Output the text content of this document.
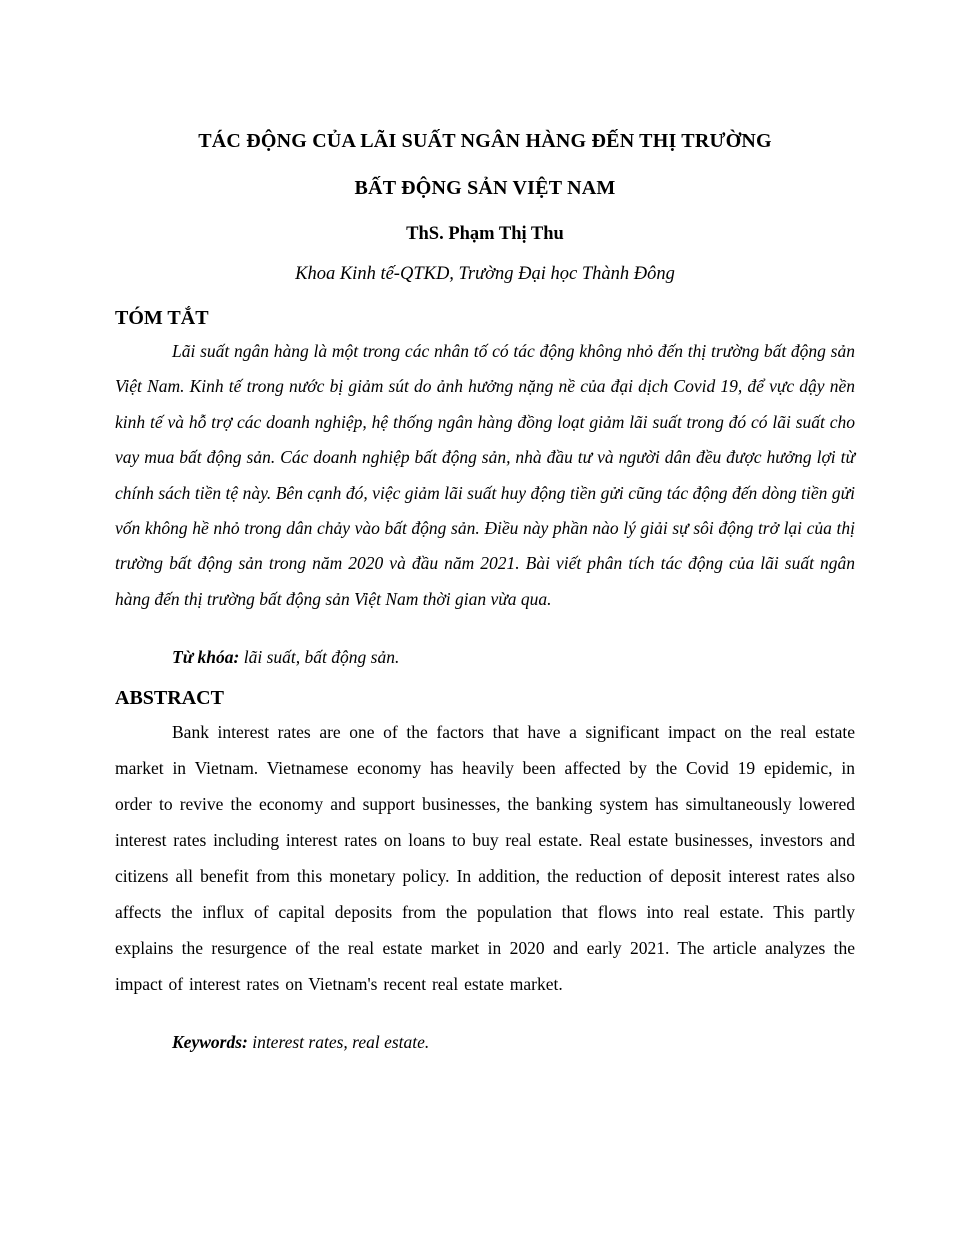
TÁC ĐỘNG CỦA LÃI SUẤT NGÂN HÀNG ĐẾN THỊ TRƯỜNG
BẤT ĐỘNG SẢN VIỆT NAM
ThS. Phạm Thị Thu
Khoa Kinh tế-QTKD, Trường Đại học Thành Đông
TÓM TẮT

Lãi suất ngân hàng là một trong các nhân tố có tác động không nhỏ đến thị trường bất động sản Việt Nam. Kinh tế trong nước bị giảm sút do ảnh hưởng nặng nề của đại dịch Covid 19, để vực dậy nền kinh tế và hỗ trợ các doanh nghiệp, hệ thống ngân hàng đồng loạt giảm lãi suất trong đó có lãi suất cho vay mua bất động sản. Các doanh nghiệp bất động sản, nhà đầu tư và người dân đều được hưởng lợi từ chính sách tiền tệ này. Bên cạnh đó, việc giảm lãi suất huy động tiền gửi cũng tác động đến dòng tiền gửi vốn không hề nhỏ trong dân chảy vào bất động sản. Điều này phần nào lý giải sự sôi động trở lại của thị trường bất động sản trong năm 2020 và đầu năm 2021. Bài viết phân tích tác động của lãi suất ngân hàng đến thị trường bất động sản Việt Nam thời gian vừa qua.

Từ khóa: lãi suất, bất động sản.
ABSTRACT

Bank interest rates are one of the factors that have a significant impact on the real estate market in Vietnam. Vietnamese economy has heavily been affected by the Covid 19 epidemic, in order to revive the economy and support businesses, the banking system has simultaneously lowered interest rates including interest rates on loans to buy real estate. Real estate businesses, investors and citizens all benefit from this monetary policy. In addition, the reduction of deposit interest rates also affects the influx of capital deposits from the population that flows into real estate. This partly explains the resurgence of the real estate market in 2020 and early 2021. The article analyzes the impact of interest rates on Vietnam's recent real estate market.

Keywords: interest rates, real estate.
